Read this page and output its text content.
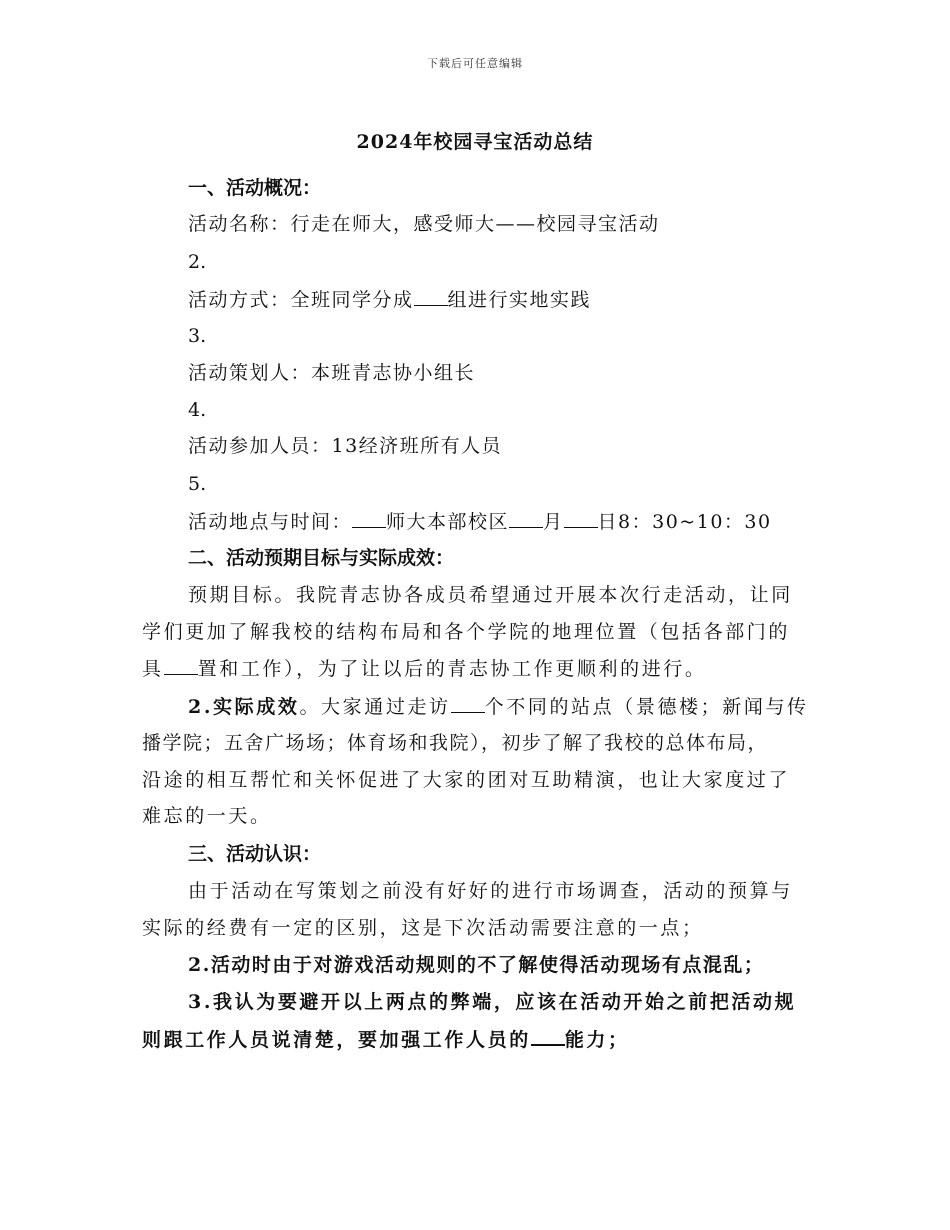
下载后可任意编辑
2024年校园寻宝活动总结
一、活动概况：
活动名称：行走在师大，感受师大——校园寻宝活动
2.
活动方式：全班同学分成 组进行实地实践
3.
活动策划人：本班青志协小组长
4.
活动参加人员：13经济班所有人员
5.
活动地点与时间： 师大本部校区 月 日8：30~10：30
二、活动预期目标与实际成效：
预期目标。我院青志协各成员希望通过开展本次行走活动，让同
学们更加了解我校的结构布局和各个学院的地理位置（包括各部门的
具 置和工作），为了让以后的青志协工作更顺利的进行。
2.实际成效。大家通过走访 个不同的站点（景德楼；新闻与传
播学院；五舍广场场；体育场和我院），初步了解了我校的总体布局，
沿途的相互帮忙和关怀促进了大家的团对互助精演，也让大家度过了
难忘的一天。
三、活动认识：
由于活动在写策划之前没有好好的进行市场调查，活动的预算与
实际的经费有一定的区别，这是下次活动需要注意的一点；
2.活动时由于对游戏活动规则的不了解使得活动现场有点混乱；
3.我认为要避开以上两点的弊端，应该在活动开始之前把活动规
则跟工作人员说清楚，要加强工作人员的 能力；
